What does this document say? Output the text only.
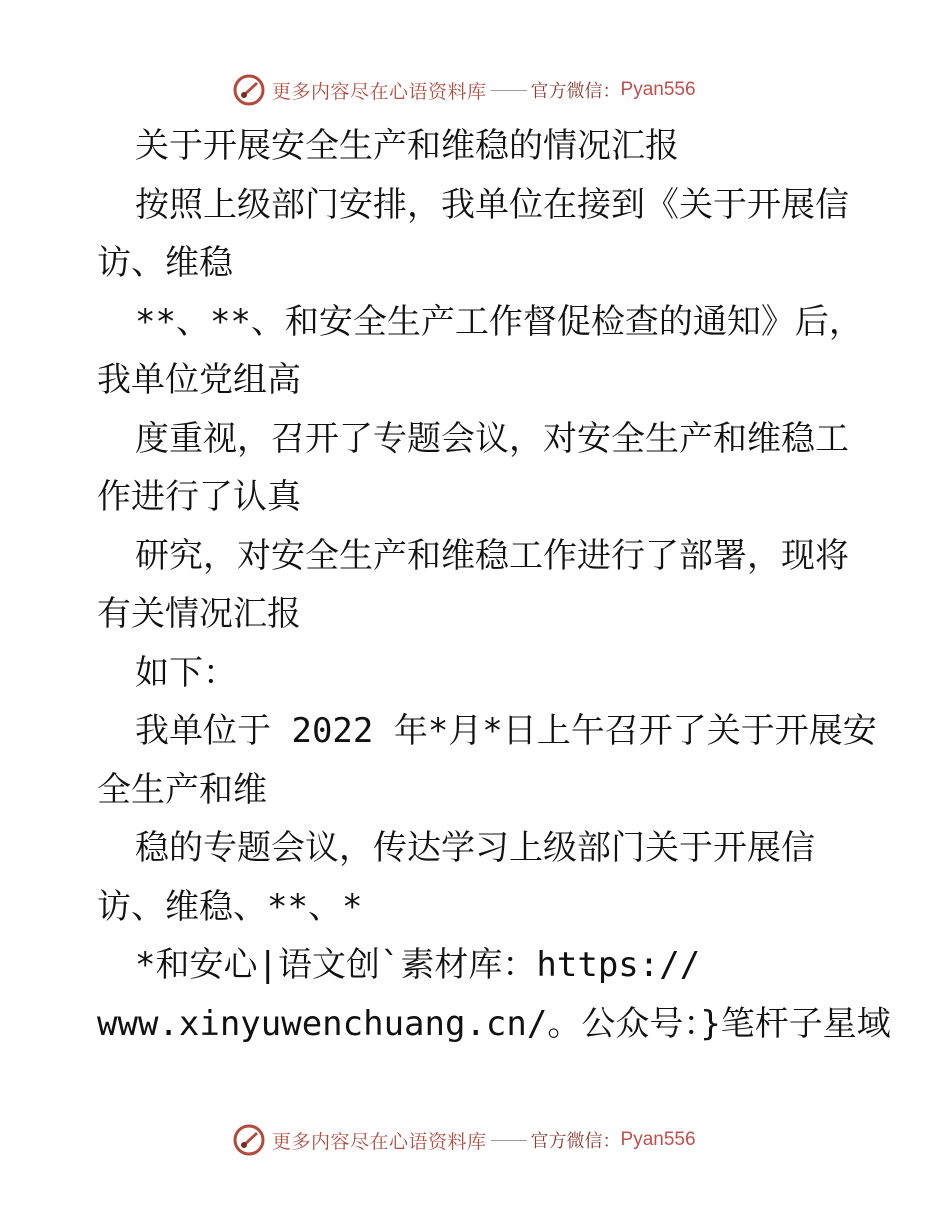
更多内容尽在心语资料库 官方微信： Pyan556
关于开展安全生产和维稳的情况汇报
按照上级部门安排，我单位在接到《关于开展信
访、维稳
**、**、和安全生产工作督促检查的通知》后，
我单位党组高
度重视，召开了专题会议，对安全生产和维稳工
作进行了认真
研究，对安全生产和维稳工作进行了部署，现将
有关情况汇报
如下：
我单位于 2022 年*月*日上午召开了关于开展安
全生产和维
稳的专题会议，传达学习上级部门关于开展信
访、维稳、**、*
*和安心|语文创`素材库：https://
www.xinyuwenchuang.cn/。公众号：}笔杆子星域
更多内容尽在心语资料库 官方微信： Pyan556
